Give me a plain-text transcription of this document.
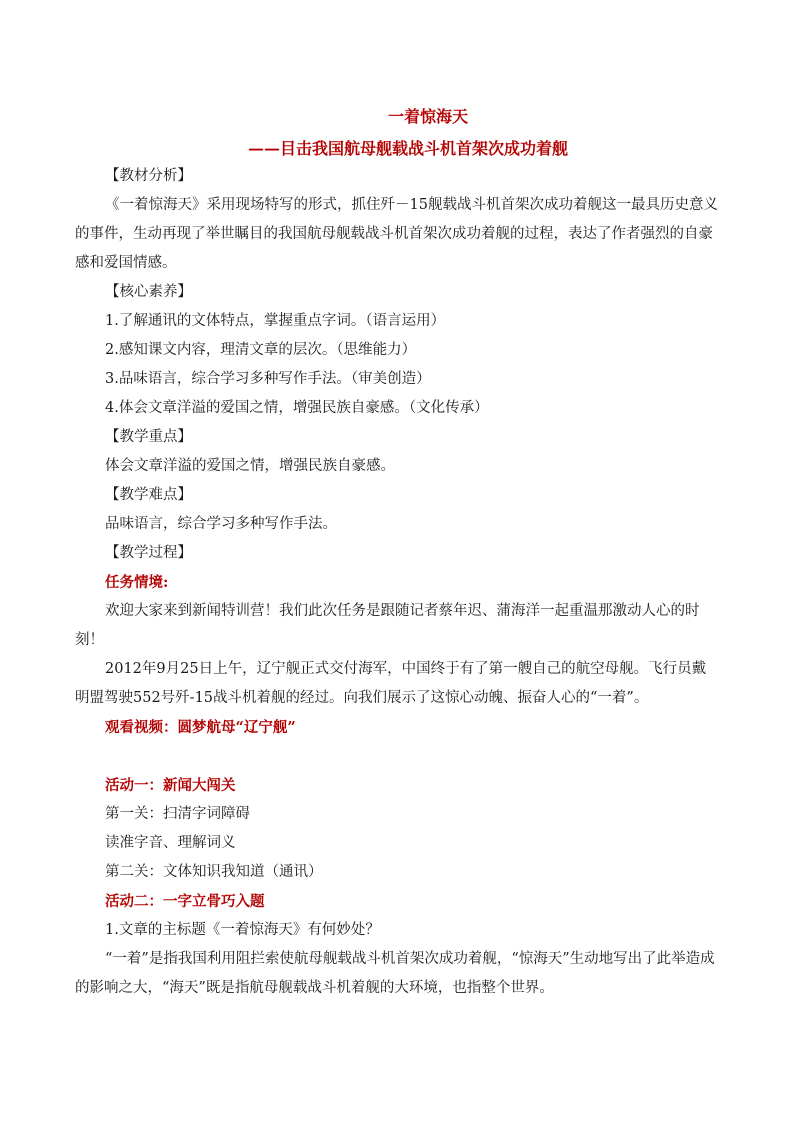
一着惊海天
——目击我国航母舰载战斗机首架次成功着舰

【教材分析】

《一着惊海天》采用现场特写的形式，抓住歼－15舰载战斗机首架次成功着舰这一最具历史意义的事件，生动再现了举世瞩目的我国航母舰载战斗机首架次成功着舰的过程，表达了作者强烈的自豪感和爱国情感。

【核心素养】

1.了解通讯的文体特点，掌握重点字词。（语言运用）

2.感知课文内容，理清文章的层次。（思维能力）

3.品味语言，综合学习多种写作手法。（审美创造）

4.体会文章洋溢的爱国之情，增强民族自豪感。（文化传承）

【教学重点】

体会文章洋溢的爱国之情，增强民族自豪感。

【教学难点】

品味语言，综合学习多种写作手法。

【教学过程】

任务情境:

欢迎大家来到新闻特训营！我们此次任务是跟随记者蔡年迟、蒲海洋一起重温那激动人心的时刻！

2012年9月25日上午，辽宁舰正式交付海军，中国终于有了第一艘自己的航空母舰。飞行员戴明盟驾驶552号歼-15战斗机着舰的经过。向我们展示了这惊心动魄、振奋人心的“一着”。

观看视频：圆梦航母“辽宁舰”

活动一：新闻大闯关

第一关：扫清字词障碍

读准字音、理解词义

第二关：文体知识我知道（通讯）

活动二：一字立骨巧入题

1.文章的主标题《一着惊海天》有何妙处？

“一着”是指我国利用阻拦索使航母舰载战斗机首架次成功着舰，“惊海天”生动地写出了此举造成的影响之大，“海天”既是指航母舰载战斗机着舰的大环境，也指整个世界。
